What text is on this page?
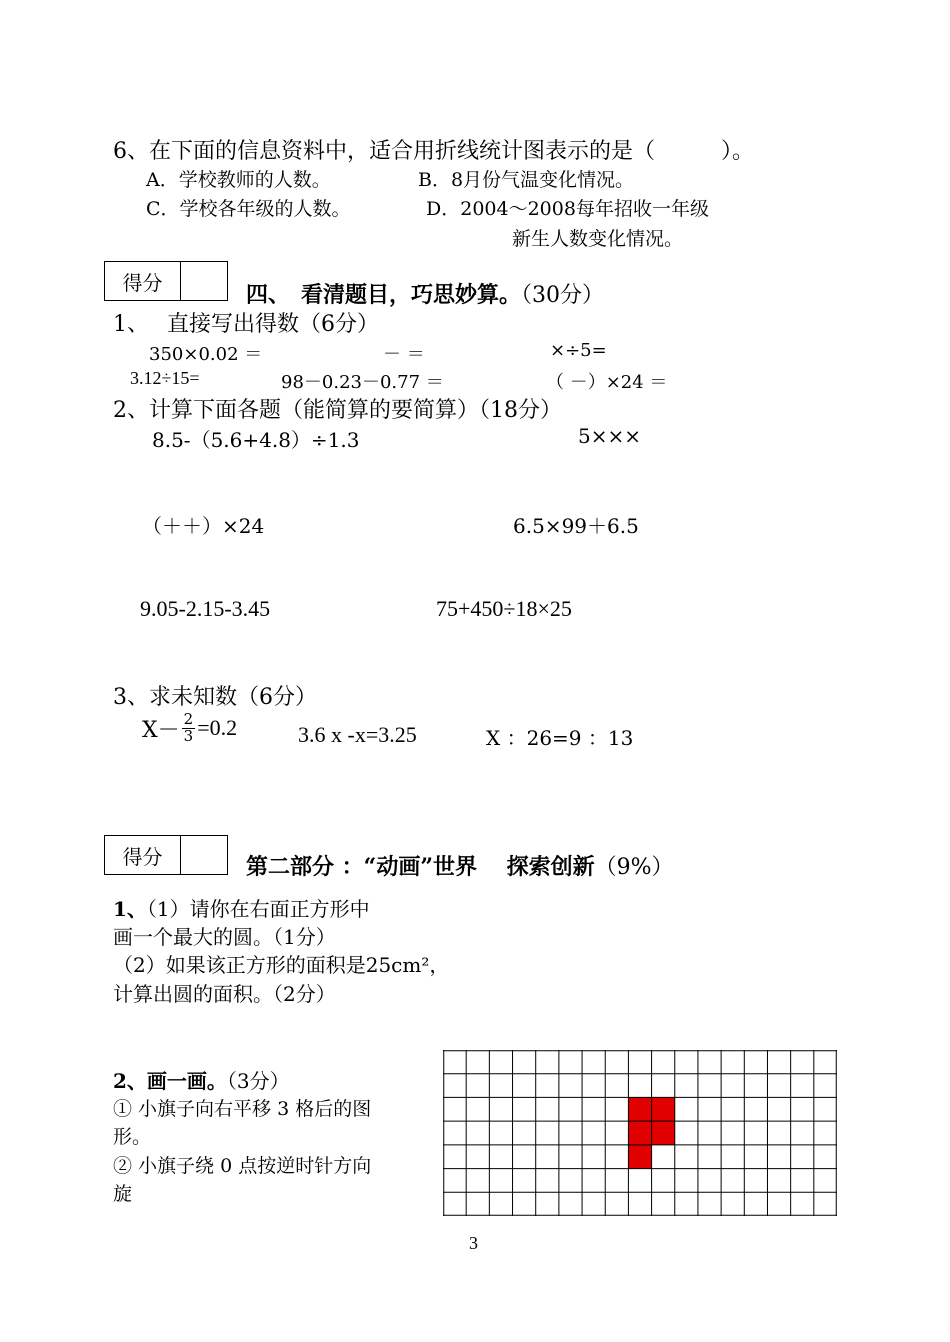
6、在下面的信息资料中，适合用折线统计图表示的是（　　　）。
A．学校教师的人数。	B．8月份气温变化情况。
C．学校各年级的人数。	D．2004～2008每年招收一年级
新生人数变化情况。
得分	四、　看清题目，巧思妙算。（30分）
1、　 直接写出得数（6分）
350×0.02 ＝	－ ＝	×÷5=
3.12÷15=	98－0.23－0.77 ＝	（ －）×24 ＝
2、计算下面各题（能简算的要简算）（18分）
8.5-（5.6+4.8）÷1.3	5×××
（＋＋）×24	6.5×99＋6.5
9.05-2.15-3.45	75+450÷18×25
3、求未知数（6分）
$X- \frac{2}{3} =0.2$	3.6 x -x=3.25	X ：26=9 ：13
得分	第二部分 ：“动画”世界　 探索创新（9%）
1、（1）请你在右面正方形中
画一个最大的圆。（1分）
（2）如果该正方形的面积是25cm²，
计算出圆的面积。（2分）
2、画一画。（3分）
① 小旗子向右平移 3 格后的图
形。
② 小旗子绕 0 点按逆时针方向
旋
3
